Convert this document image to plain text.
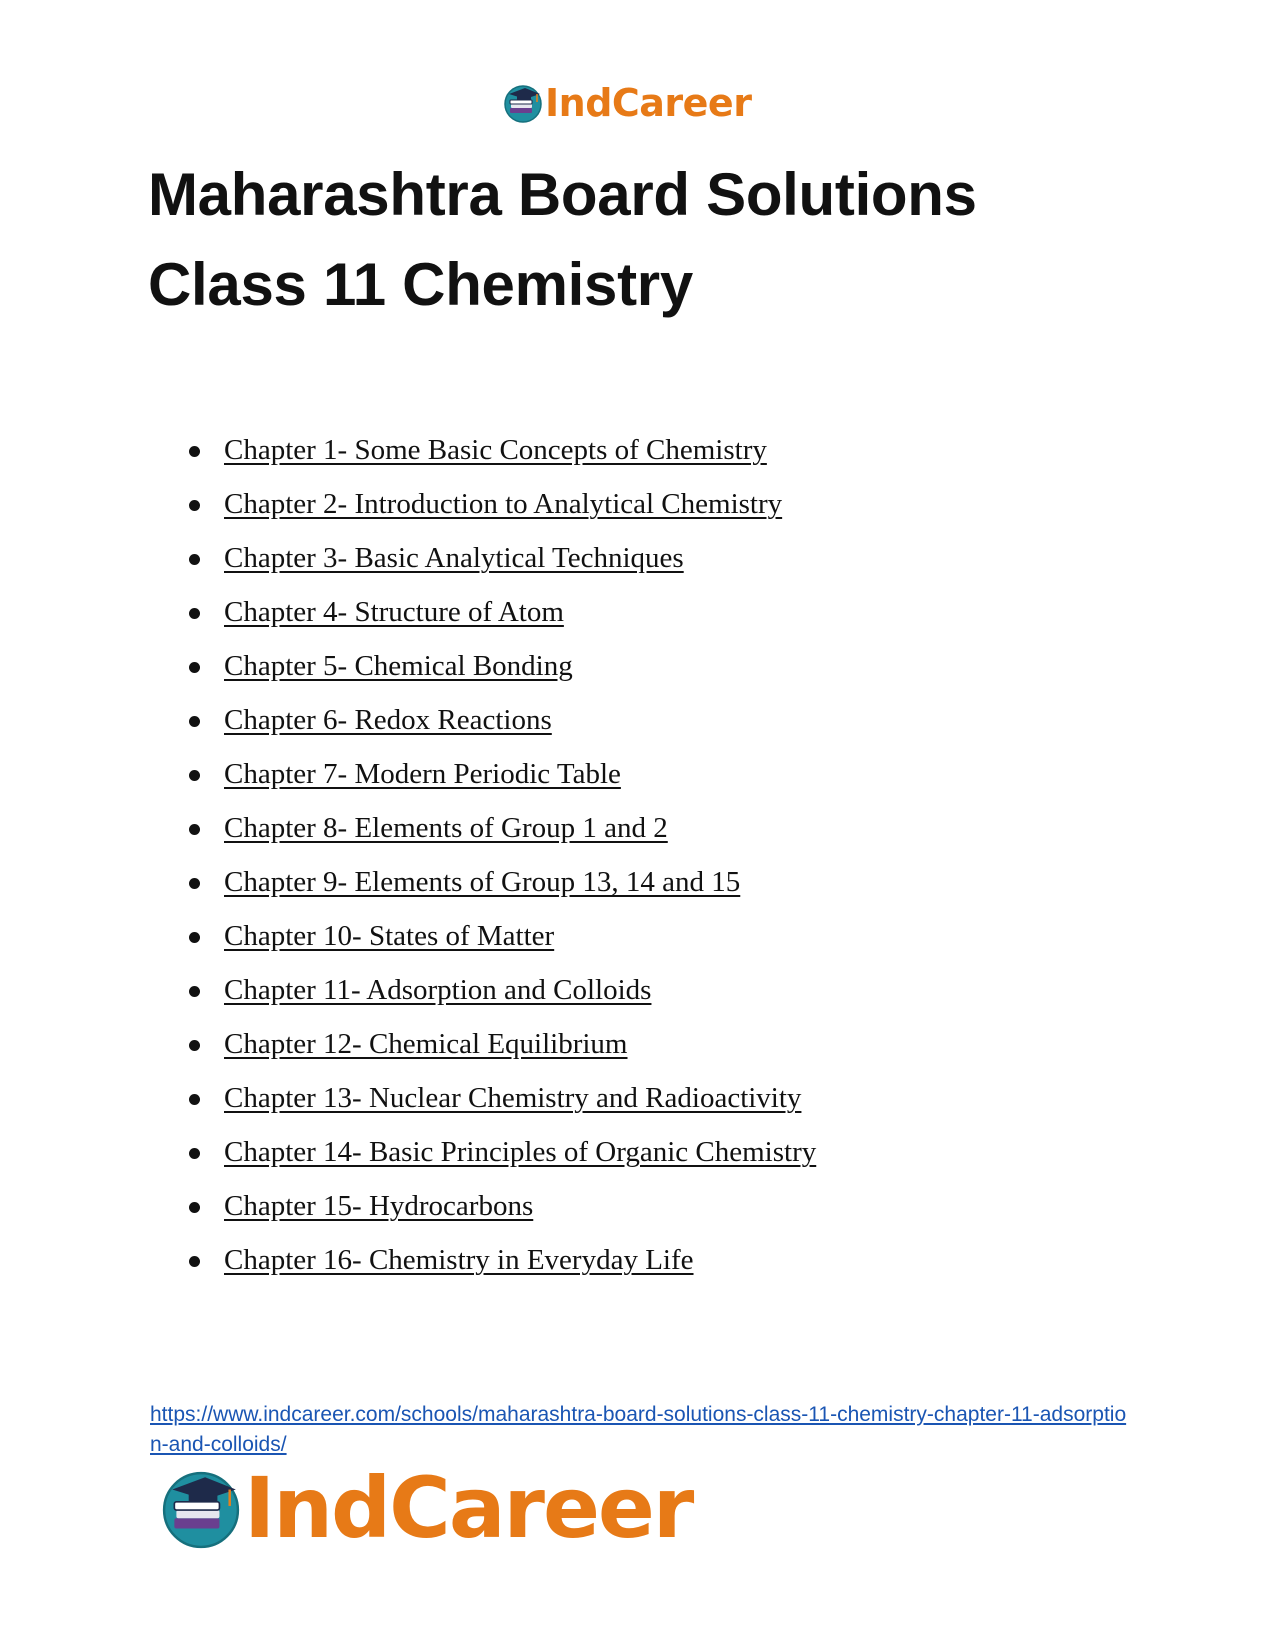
IndCareer
Maharashtra Board Solutions
Class 11 Chemistry
Chapter 1- Some Basic Concepts of Chemistry
Chapter 2- Introduction to Analytical Chemistry
Chapter 3- Basic Analytical Techniques
Chapter 4- Structure of Atom
Chapter 5- Chemical Bonding
Chapter 6- Redox Reactions
Chapter 7- Modern Periodic Table
Chapter 8- Elements of Group 1 and 2
Chapter 9- Elements of Group 13, 14 and 15
Chapter 10- States of Matter
Chapter 11- Adsorption and Colloids
Chapter 12- Chemical Equilibrium
Chapter 13- Nuclear Chemistry and Radioactivity
Chapter 14- Basic Principles of Organic Chemistry
Chapter 15- Hydrocarbons
Chapter 16- Chemistry in Everyday Life
https://www.indcareer.com/schools/maharashtra-board-solutions-class-11-chemistry-chapter-11-adsorption-and-colloids/
IndCareer
